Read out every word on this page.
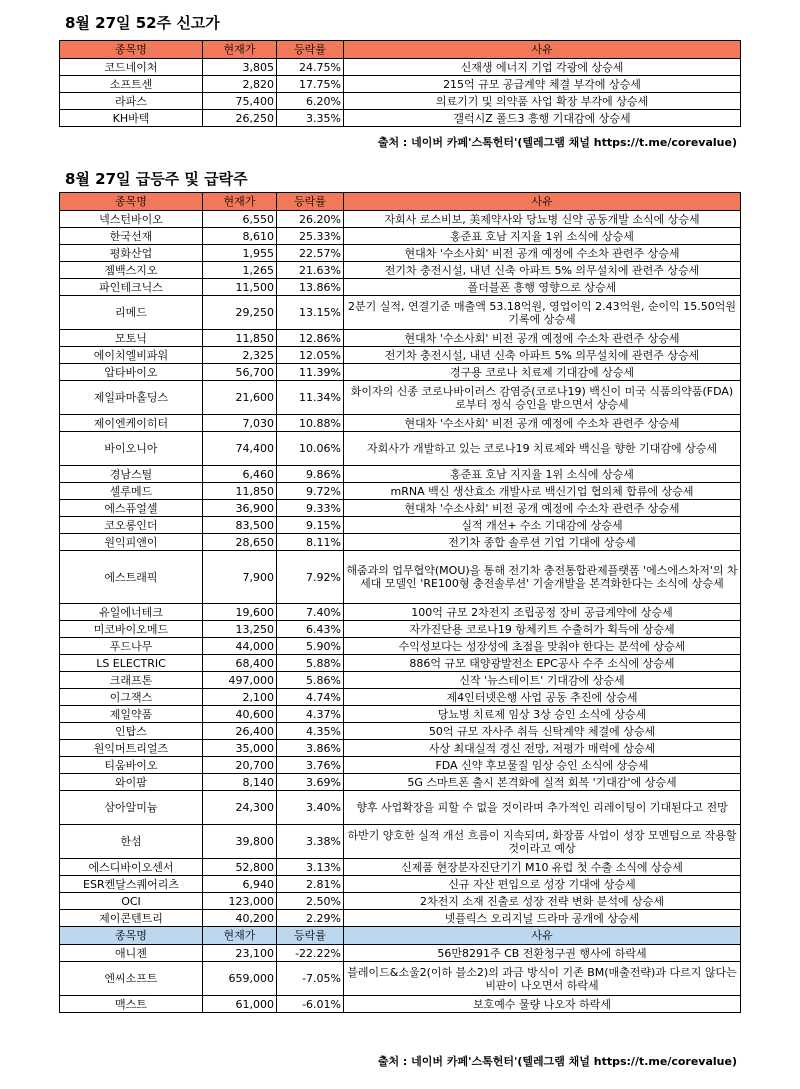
8월 27일 52주 신고가
종목명	현재가	등락률	사유
코드네이처	3,805	24.75%	신재생 에너지 기업 각광에 상승세
소프트센	2,820	17.75%	215억 규모 공급계약 체결 부각에 상승세
라파스	75,400	6.20%	의료기기 및 의약품 사업 확장 부각에 상승세
KH바텍	26,250	3.35%	갤럭시Z 폴드3 흥행 기대감에 상승세
출처 : 네이버 카페'스톡헌터'(텔레그램 채널 https://t.me/corevalue)
8월 27일 급등주 및 급락주
종목명	현재가	등락률	사유
넥스턴바이오	6,550	26.20%	자회사 로스비보, 美제약사와 당뇨병 신약 공동개발 소식에 상승세
한국선재	8,610	25.33%	홍준표 호남 지지율 1위 소식에 상승세
평화산업	1,955	22.57%	현대차 '수소사회' 비전 공개 예정에 수소차 관련주 상승세
젬백스지오	1,265	21.63%	전기차 충전시설, 내년 신축 아파트 5% 의무설치에 관련주 상승세
파인테크닉스	11,500	13.86%	폴더블폰 흥행 영향으로 상승세
리메드	29,250	13.15%	2분기 실적, 연결기준 매출액 53.18억원, 영업이익 2.43억원, 순이익 15.50억원 기록에 상승세
모토닉	11,850	12.86%	현대차 '수소사회' 비전 공개 예정에 수소차 관련주 상승세
에이치엘비파워	2,325	12.05%	전기차 충전시설, 내년 신축 아파트 5% 의무설치에 관련주 상승세
압타바이오	56,700	11.39%	경구용 코로나 치료제 기대감에 상승세
제일파마홀딩스	21,600	11.34%	화이자의 신종 코로나바이러스 감염증(코로나19) 백신이 미국 식품의약품(FDA)로부터 정식 승인을 받으면서 상승세
제이엔케이히터	7,030	10.88%	현대차 '수소사회' 비전 공개 예정에 수소차 관련주 상승세
바이오니아	74,400	10.06%	자회사가 개발하고 있는 코로나19 치료제와 백신을 향한 기대감에 상승세
경남스틸	6,460	9.86%	홍준표 호남 지지율 1위 소식에 상승세
셀루메드	11,850	9.72%	mRNA 백신 생산효소 개발사로 백신기업 협의체 합류에 상승세
에스퓨얼셀	36,900	9.33%	현대차 '수소사회' 비전 공개 예정에 수소차 관련주 상승세
코오롱인더	83,500	9.15%	실적 개선+ 수소 기대감에 상승세
원익피앤이	28,650	8.11%	전기차 종합 솔루션 기업 기대에 상승세
에스트래픽	7,900	7.92%	해줌과의 업무협약(MOU)을 통해 전기차 충전통합관제플랫폼 '에스에스차저'의 차세대 모델인 'RE100형 충전솔루션' 기술개발을 본격화한다는 소식에 상승세
유일에너테크	19,600	7.40%	100억 규모 2차전지 조립공정 장비 공급계약에 상승세
미코바이오메드	13,250	6.43%	자가진단용 코로나19 항체키트 수출허가 획득에 상승세
푸드나무	44,000	5.90%	수익성보다는 성장성에 초점을 맞춰야 한다는 분석에 상승세
LS ELECTRIC	68,400	5.88%	886억 규모 태양광발전소 EPC공사 수주 소식에 상승세
크래프톤	497,000	5.86%	신작 '뉴스테이트' 기대감에 상승세
이그잭스	2,100	4.74%	제4인터넷은행 사업 공동 추진에 상승세
제일약품	40,600	4.37%	당뇨병 치료제 임상 3상 승인 소식에 상승세
인탑스	26,400	4.35%	50억 규모 자사주 취득 신탁계약 체결에 상승세
원익머트리얼즈	35,000	3.86%	사상 최대실적 경신 전망, 저평가 매력에 상승세
티움바이오	20,700	3.76%	FDA 신약 후보물질 임상 승인 소식에 상승세
와이팜	8,140	3.69%	5G 스마트폰 출시 본격화에 실적 회복 '기대감'에 상승세
삼아알미늄	24,300	3.40%	향후 사업확장을 피할 수 없을 것이라며 추가적인 리레이팅이 기대된다고 전망
한섬	39,800	3.38%	하반기 양호한 실적 개선 흐름이 지속되며, 화장품 사업이 성장 모멘텀으로 작용할 것이라고 예상
에스디바이오센서	52,800	3.13%	신제품 현장분자진단기기 M10 유럽 첫 수출 소식에 상승세
ESR켄달스퀘어리츠	6,940	2.81%	신규 자산 편입으로 성장 기대에 상승세
OCI	123,000	2.50%	2차전지 소재 진출로 성장 전략 변화 분석에 상승세
제이콘텐트리	40,200	2.29%	넷플릭스 오리지널 드라마 공개에 상승세
종목명	현재가	등락률	사유
애니젠	23,100	-22.22%	56만8291주 CB 전환청구권 행사에 하락세
엔씨소프트	659,000	-7.05%	블레이드&소울2(이하 블소2)의 과금 방식이 기존 BM(매출전략)과 다르지 않다는 비판이 나오면서 하락세
맥스트	61,000	-6.01%	보호예수 물량 나오자 하락세
출처 : 네이버 카페'스톡헌터'(텔레그램 채널 https://t.me/corevalue)
